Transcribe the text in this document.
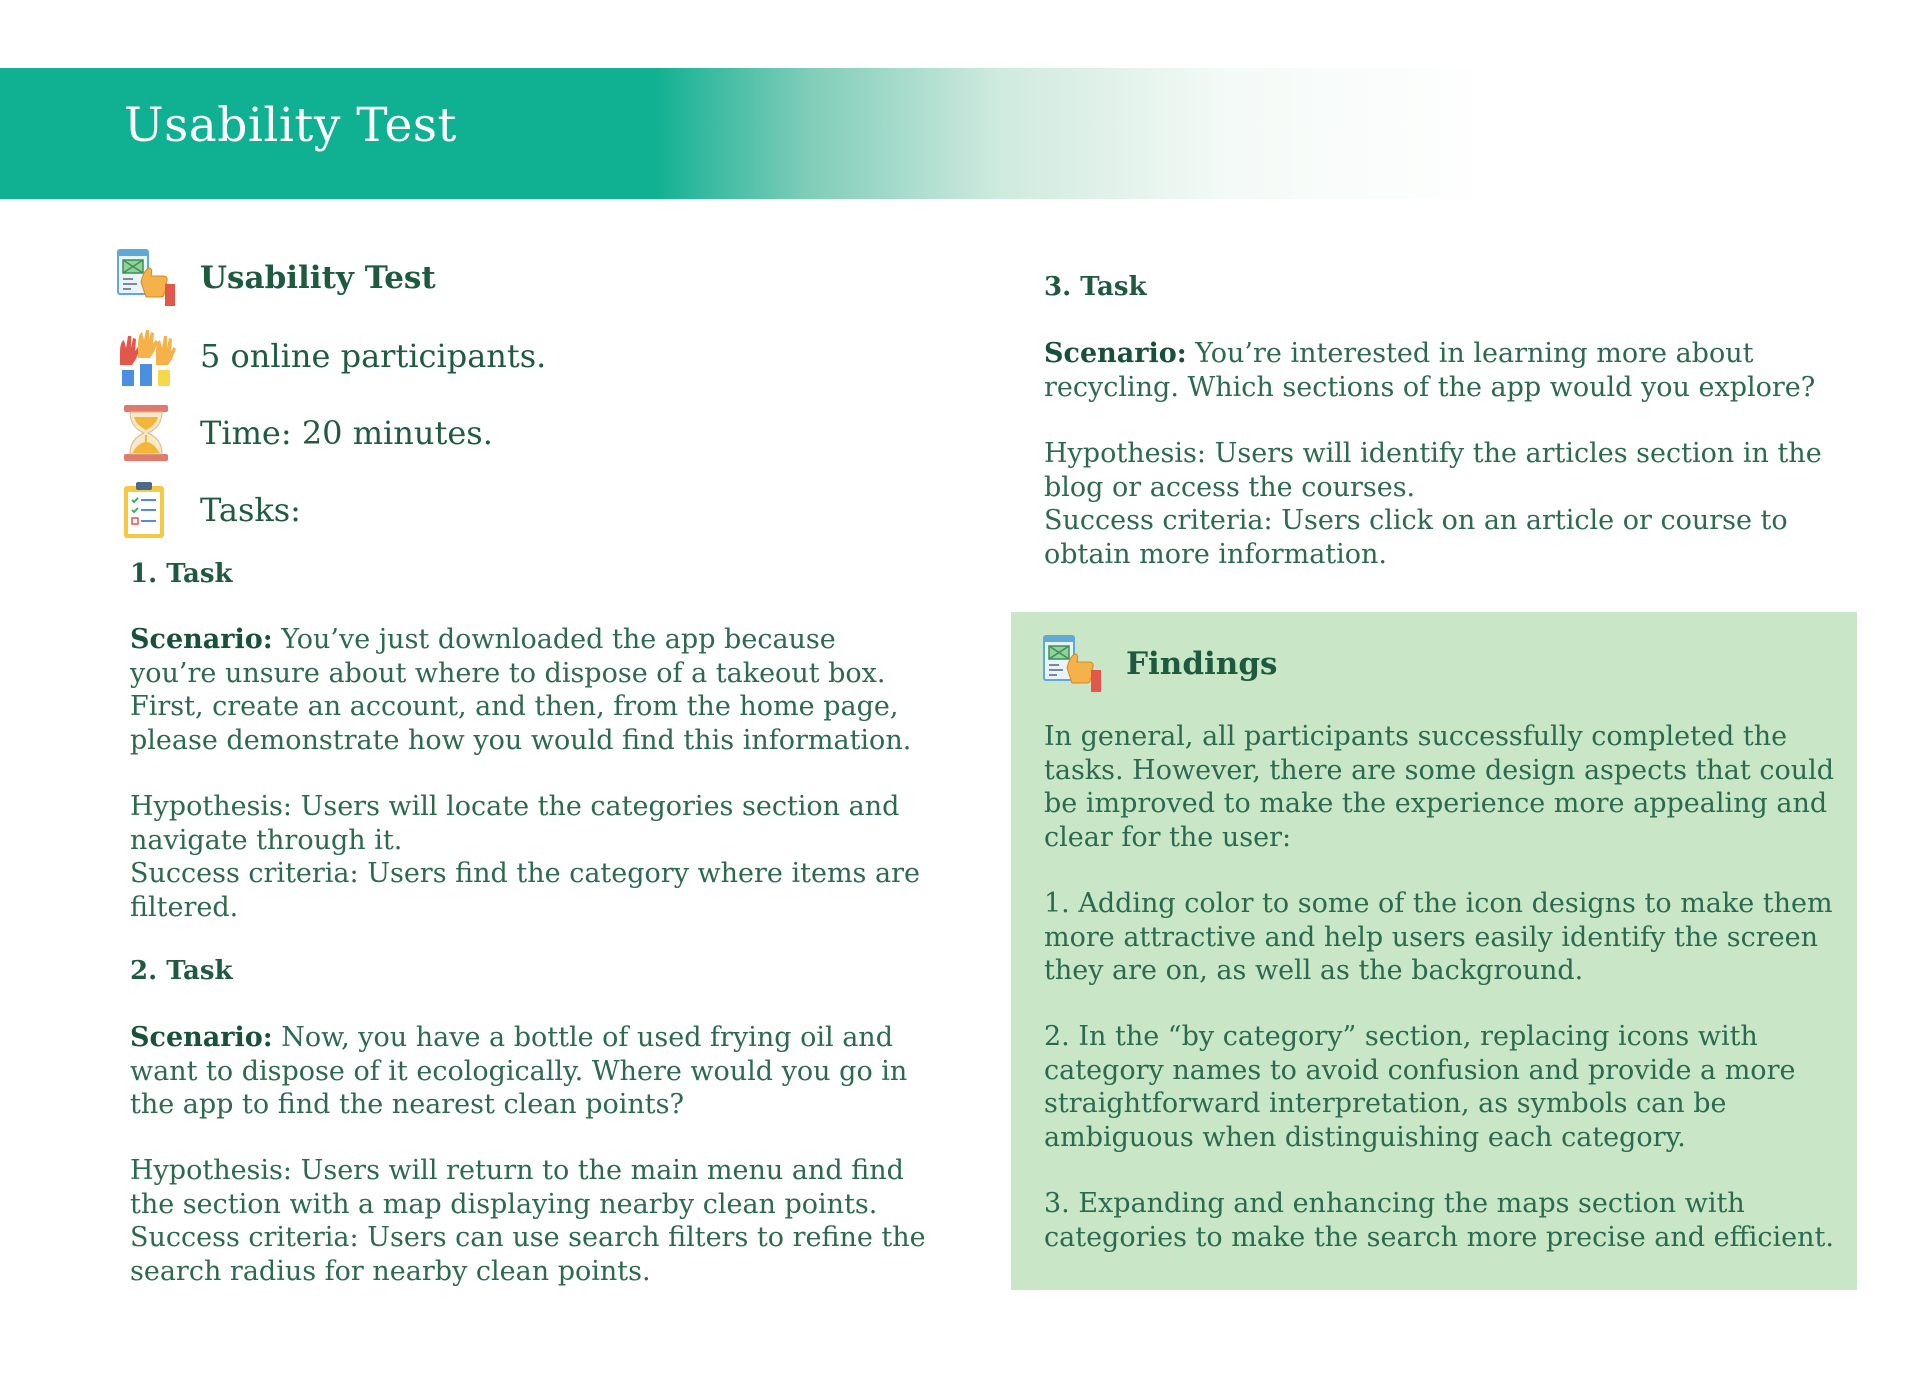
Usability Test
Usability Test
5 online participants.
Time: 20 minutes.
Tasks:
1. Task

Scenario: You’ve just downloaded the app because you’re unsure about where to dispose of a takeout box. First, create an account, and then, from the home page, please demonstrate how you would find this information.

Hypothesis: Users will locate the categories section and navigate through it.

Success criteria: Users find the category where items are filtered.

2. Task

Scenario: Now, you have a bottle of used frying oil and want to dispose of it ecologically. Where would you go in the app to find the nearest clean points?

Hypothesis: Users will return to the main menu and find the section with a map displaying nearby clean points.

Success criteria: Users can use search filters to refine the search radius for nearby clean points.

3. Task

Scenario: You’re interested in learning more about recycling. Which sections of the app would you explore?

Hypothesis: Users will identify the articles section in the blog or access the courses.

Success criteria: Users click on an article or course to obtain more information.

Findings

In general, all participants successfully completed the tasks. However, there are some design aspects that could be improved to make the experience more appealing and clear for the user:

1. Adding color to some of the icon designs to make them more attractive and help users easily identify the screen they are on, as well as the background.

2. In the “by category” section, replacing icons with category names to avoid confusion and provide a more straightforward interpretation, as symbols can be ambiguous when distinguishing each category.

3. Expanding and enhancing the maps section with categories to make the search more precise and efficient.
